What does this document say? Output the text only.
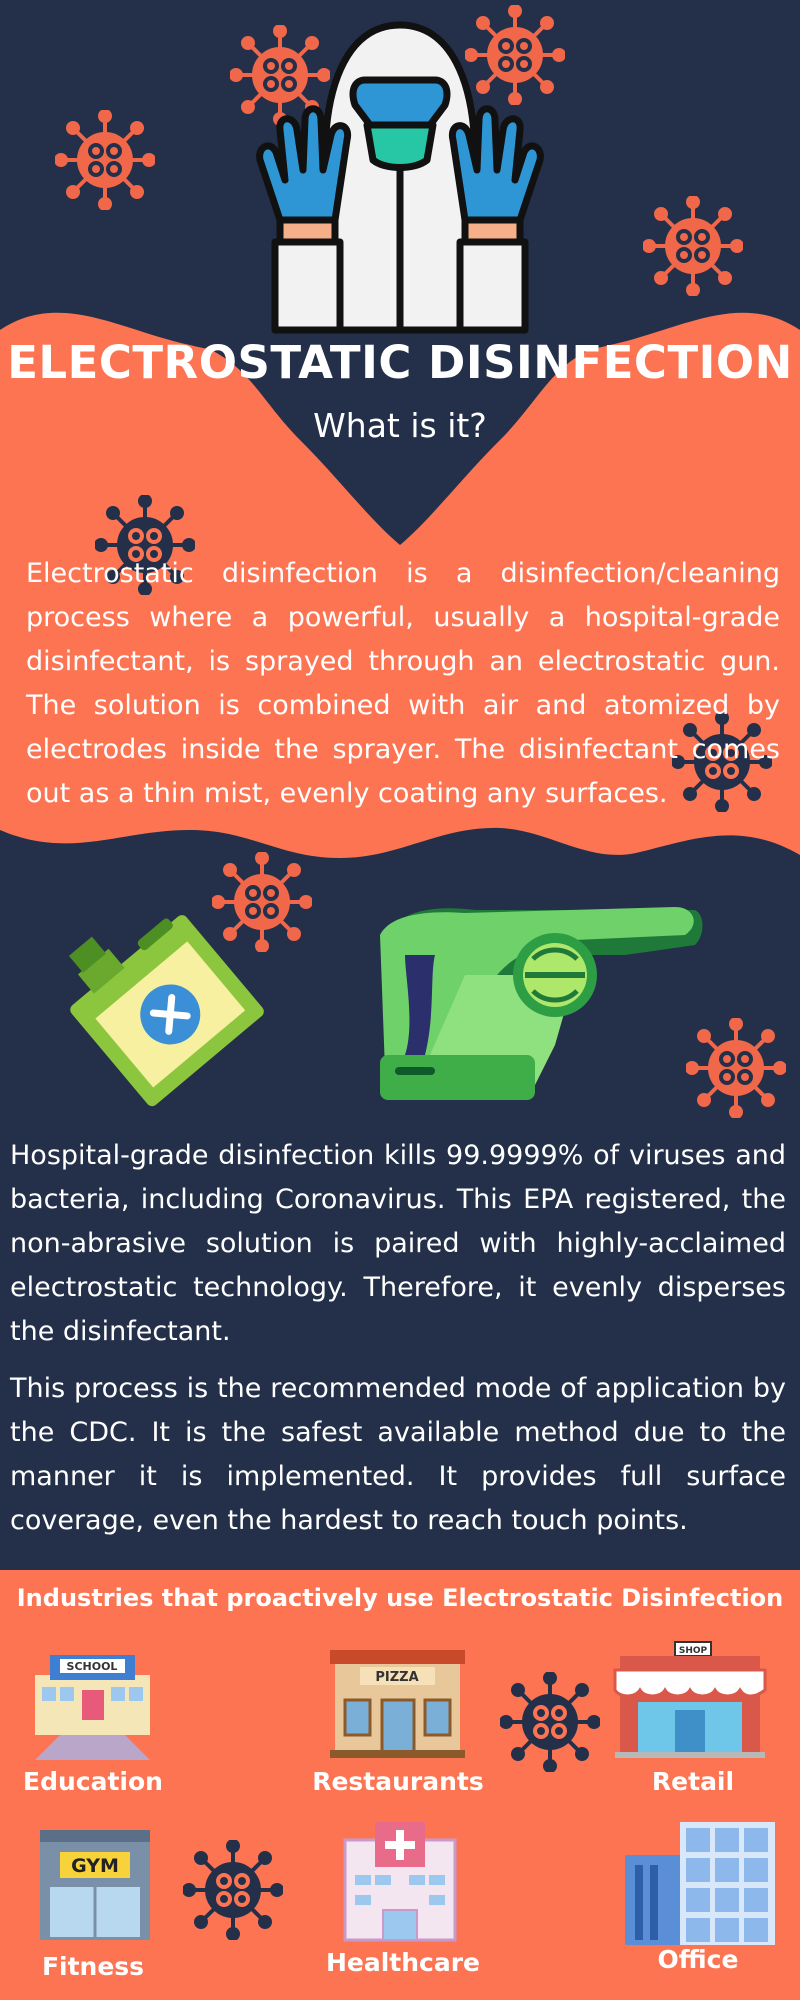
SCHOOL
PIZZA
SHOP
GYM
ELECTROSTATIC DISINFECTION
What is it?
Electrostatic disinfection is a disinfection/cleaning process where a powerful, usually a hospital-grade disinfectant, is sprayed through an electrostatic gun. The solution is combined with air and atomized by electrodes inside the sprayer. The disinfectant comes out as a thin mist, evenly coating any surfaces.
Hospital-grade disinfection kills 99.9999% of viruses and bacteria, including Coronavirus. This EPA registered, the non-abrasive solution is paired with highly-acclaimed electrostatic technology. Therefore, it evenly disperses the disinfectant.
This process is the recommended mode of application by the CDC. It is the safest available method due to the manner it is implemented. It provides full surface coverage, even the hardest to reach touch points.
Industries that proactively use Electrostatic Disinfection
Education	Restaurants	Retail
Fitness	Healthcare	Office
